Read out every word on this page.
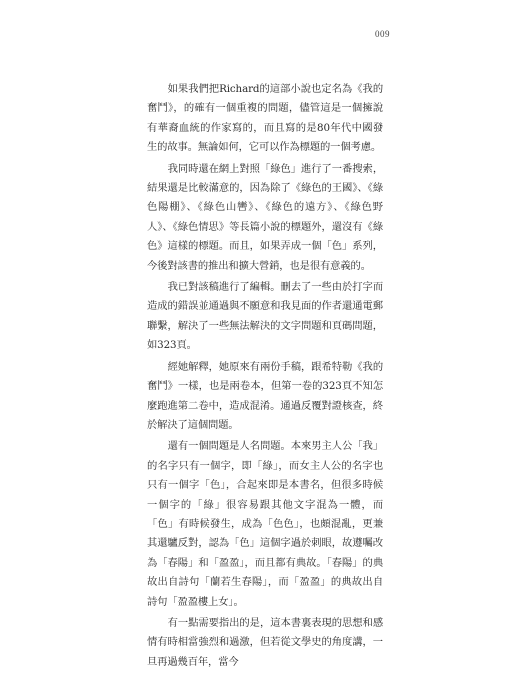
009

如果我們把Richard的這部小說也定名為《我的奮鬥》，的確有一個重複的問題，儘管這是一個擁說有華裔血統的作家寫的，而且寫的是80年代中國發生的故事。無論如何，它可以作為標題的一個考慮。

我同時還在網上對照「綠色」進行了一番搜索，結果還是比較滿意的，因為除了《綠色的王國》、《綠色陽棚》、《綠色山轡》、《綠色的遠方》、《綠色野人》、《綠色情思》等長篇小說的標題外，還沒有《綠色》這樣的標題。而且，如果弄成一個「色」系列，今後對該書的推出和擴大營銷，也是很有意義的。

我已對該稿進行了編輯。刪去了一些由於打字而造成的錯誤並通過與不願意和我見面的作者還通電郵聯繫，解決了一些無法解決的文字問題和頁碼問題，如323頁。

經她解釋，她原來有兩份手稿，跟希特勒《我的奮鬥》一樣，也是兩卷本，但第一卷的323頁不知怎麼跑進第二卷中，造成混淆。通過反覆對證核查，終於解決了這個問題。

還有一個問題是人名問題。本來男主人公「我」的名字只有一個字，即「綠」，而女主人公的名字也只有一個字「色」，合起來即是本書名，但很多時候一個字的「綠」很容易跟其他文字混為一體，而「色」有時候發生，成為「色色」，也頗混亂，更兼其還驢反對，認為「色」這個字過於刺眼，故遵囑改為「春陽」和「盈盈」，而且都有典故。「春陽」的典故出自詩句「蘭若生春陽」，而「盈盈」的典故出自詩句「盈盈樓上女」。

有一點需要指出的是，這本書裏表現的思想和感情有時相當強烈和過激，但若從文學史的角度講，一旦再過幾百年，當今
